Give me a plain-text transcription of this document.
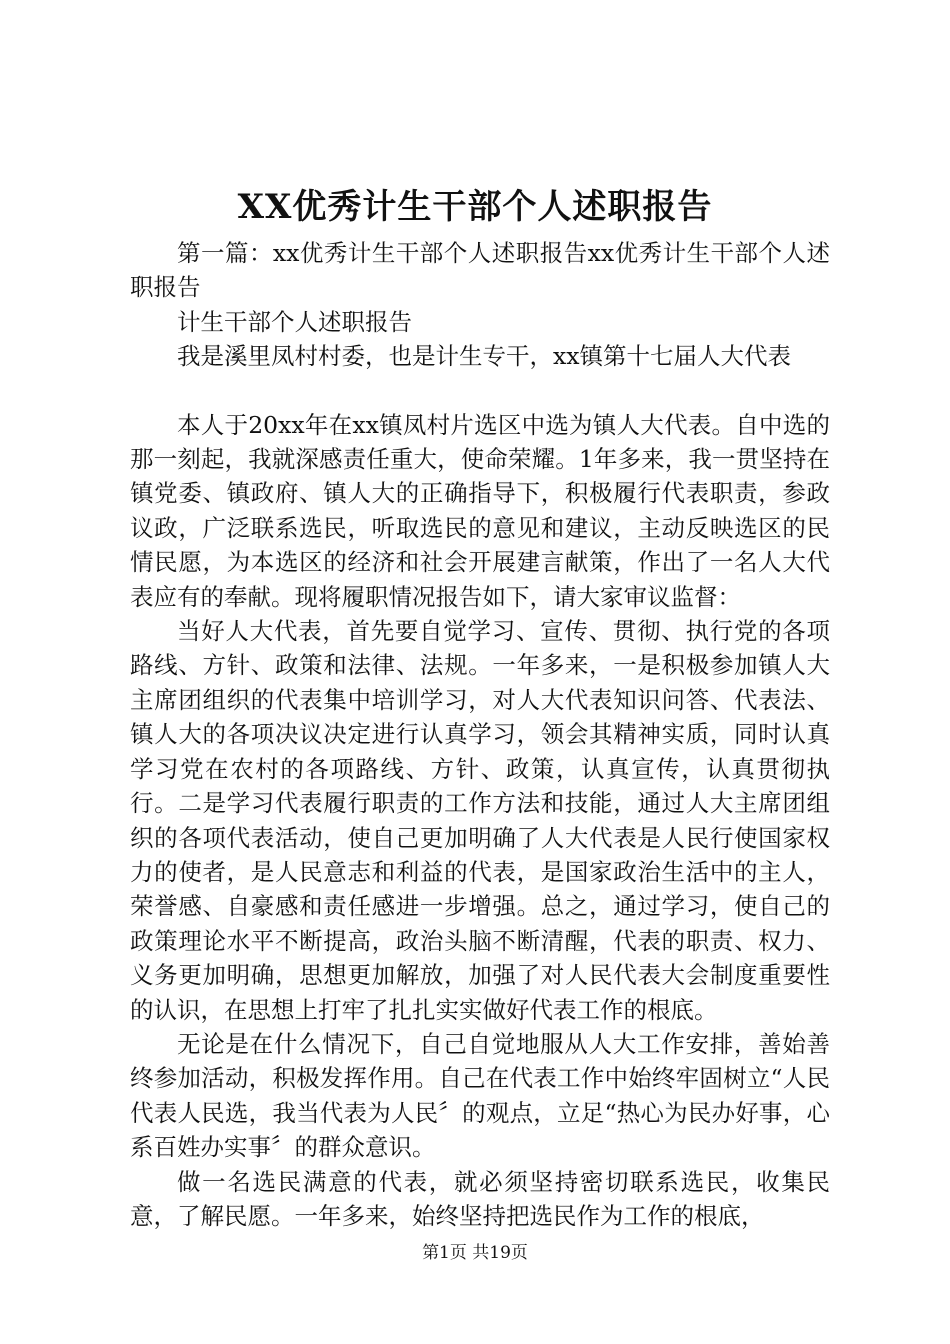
XX优秀计生干部个人述职报告

第一篇：xx优秀计生干部个人述职报告xx优秀计生干部个人述职报告

计生干部个人述职报告

我是溪里凤村村委，也是计生专干，xx镇第十七届人大代表

本人于20xx年在xx镇凤村片选区中选为镇人大代表。自中选的那一刻起，我就深感责任重大，使命荣耀。1年多来，我一贯坚持在镇党委、镇政府、镇人大的正确指导下，积极履行代表职责，参政议政，广泛联系选民，听取选民的意见和建议，主动反映选区的民情民愿，为本选区的经济和社会开展建言献策，作出了一名人大代表应有的奉献。现将履职情况报告如下，请大家审议监督：

当好人大代表，首先要自觉学习、宣传、贯彻、执行党的各项路线、方针、政策和法律、法规。一年多来，一是积极参加镇人大主席团组织的代表集中培训学习，对人大代表知识问答、代表法、镇人大的各项决议决定进行认真学习，领会其精神实质，同时认真学习党在农村的各项路线、方针、政策，认真宣传，认真贯彻执行。二是学习代表履行职责的工作方法和技能，通过人大主席团组织的各项代表活动，使自己更加明确了人大代表是人民行使国家权力的使者，是人民意志和利益的代表，是国家政治生活中的主人，荣誉感、自豪感和责任感进一步增强。总之，通过学习，使自己的政策理论水平不断提高，政治头脑不断清醒，代表的职责、权力、义务更加明确，思想更加解放，加强了对人民代表大会制度重要性的认识，在思想上打牢了扎扎实实做好代表工作的根底。

无论是在什么情况下，自己自觉地服从人大工作安排，善始善终参加活动，积极发挥作用。自己在代表工作中始终牢固树立“人民代表人民选，我当代表为人民〞的观点，立足“热心为民办好事，心系百姓办实事〞的群众意识。

做一名选民满意的代表，就必须坚持密切联系选民，收集民意，了解民愿。一年多来，始终坚持把选民作为工作的根底，

第1页 共19页
